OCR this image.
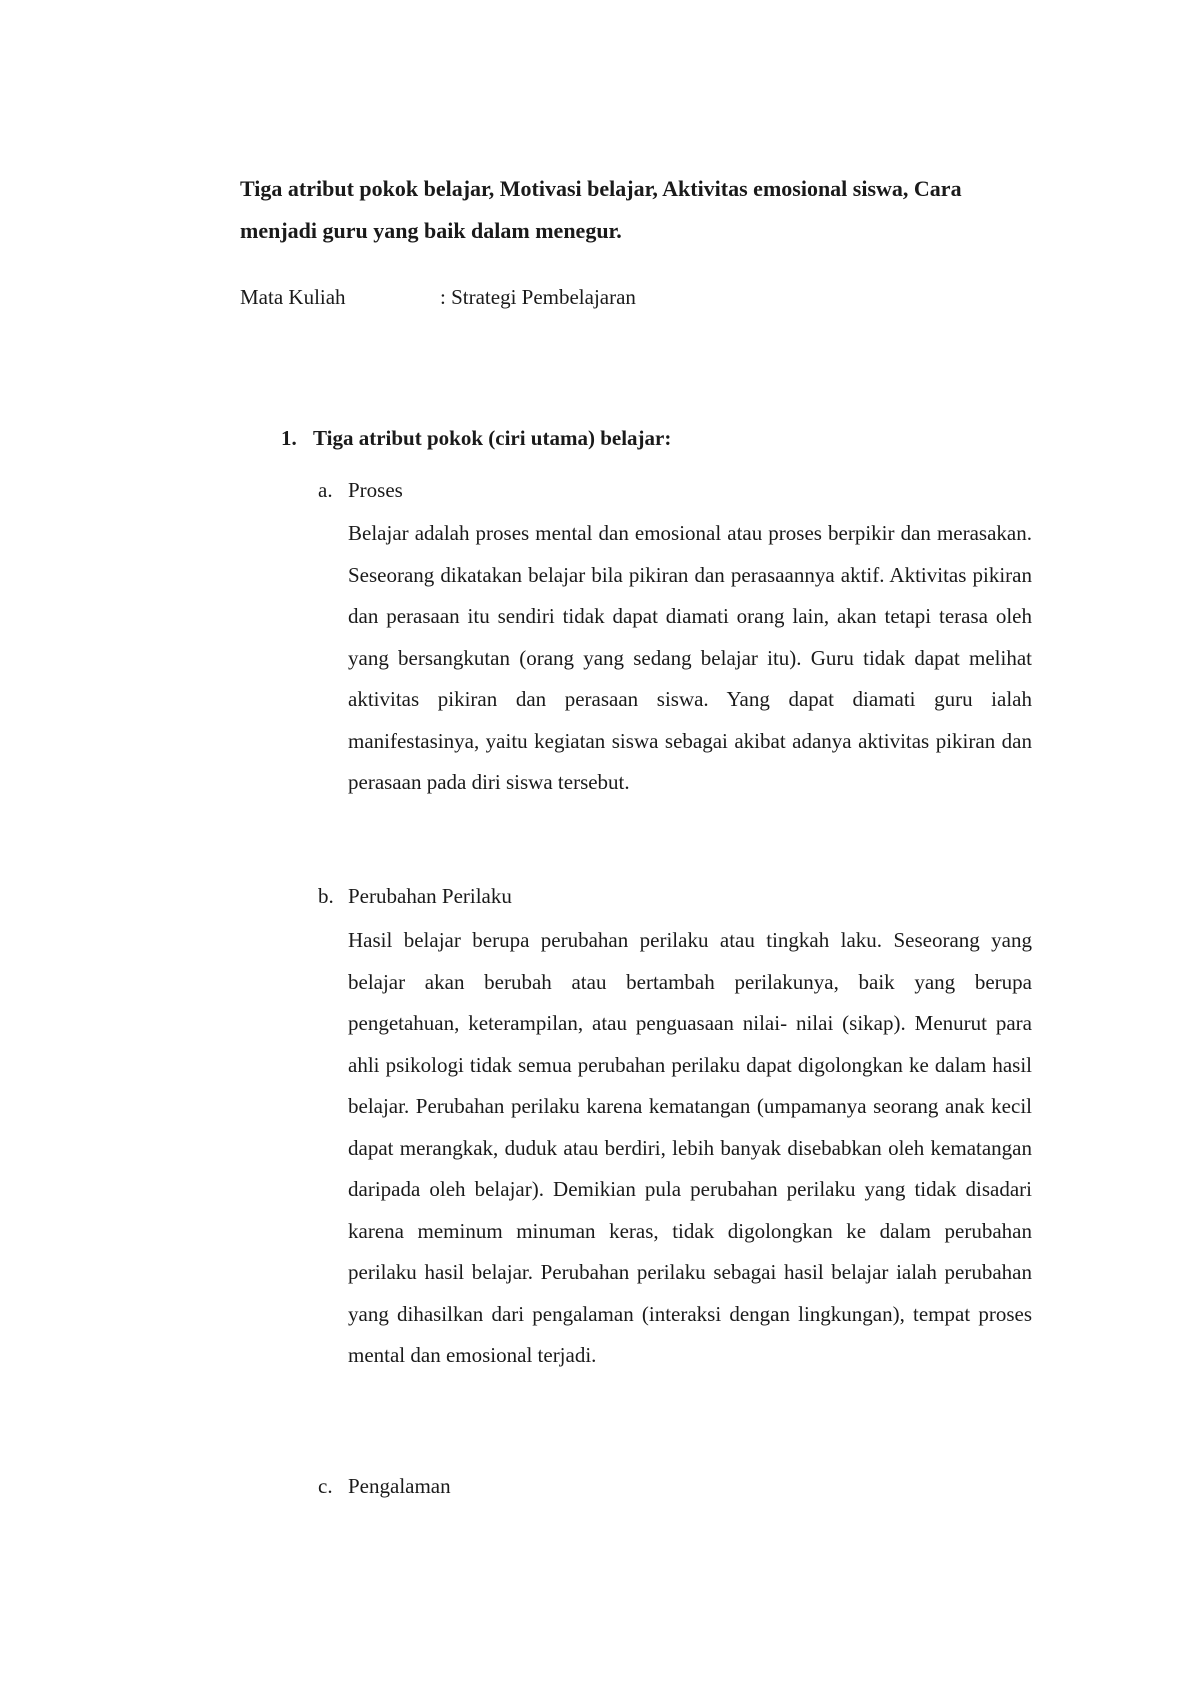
Tiga atribut pokok belajar, Motivasi belajar, Aktivitas emosional siswa, Cara menjadi guru yang baik dalam menegur.

Mata Kuliah	: Strategi Pembelajaran

1. Tiga atribut pokok (ciri utama) belajar:

a. Proses

Belajar adalah proses mental dan emosional atau proses berpikir dan merasakan. Seseorang dikatakan belajar bila pikiran dan perasaannya aktif. Aktivitas pikiran dan perasaan itu sendiri tidak dapat diamati orang lain, akan tetapi terasa oleh yang bersangkutan (orang yang sedang belajar itu). Guru tidak dapat melihat aktivitas pikiran dan perasaan siswa. Yang dapat diamati guru ialah manifestasinya, yaitu kegiatan siswa sebagai akibat adanya aktivitas pikiran dan perasaan pada diri siswa tersebut.

b. Perubahan Perilaku

Hasil belajar berupa perubahan perilaku atau tingkah laku. Seseorang yang belajar akan berubah atau bertambah perilakunya, baik yang berupa pengetahuan, keterampilan, atau penguasaan nilai- nilai (sikap). Menurut para ahli psikologi tidak semua perubahan perilaku dapat digolongkan ke dalam hasil belajar. Perubahan perilaku karena kematangan (umpamanya seorang anak kecil dapat merangkak, duduk atau berdiri, lebih banyak disebabkan oleh kematangan daripada oleh belajar). Demikian pula perubahan perilaku yang tidak disadari karena meminum minuman keras, tidak digolongkan ke dalam perubahan perilaku hasil belajar. Perubahan perilaku sebagai hasil belajar ialah perubahan yang dihasilkan dari pengalaman (interaksi dengan lingkungan), tempat proses mental dan emosional terjadi.

c. Pengalaman
